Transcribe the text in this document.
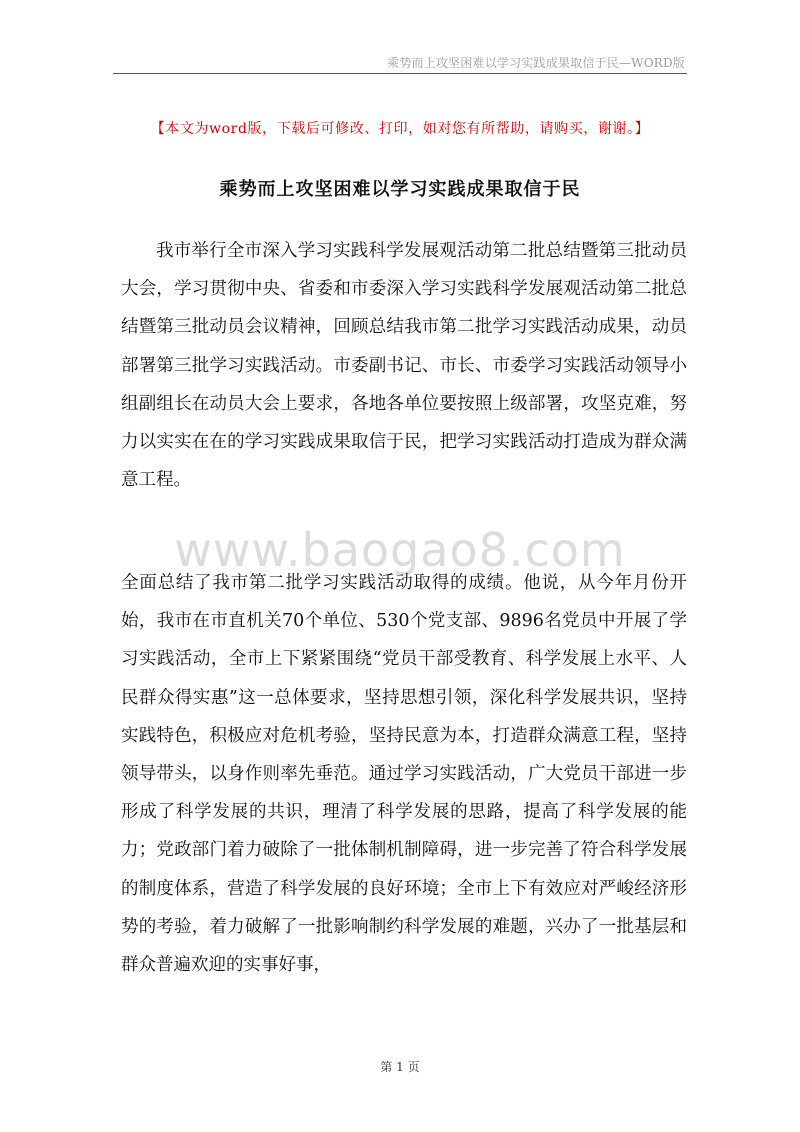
乘势而上攻坚困难以学习实践成果取信于民—WORD版
【本文为word版，下载后可修改、打印，如对您有所帮助，请购买，谢谢。】
乘势而上攻坚困难以学习实践成果取信于民

我市举行全市深入学习实践科学发展观活动第二批总结暨第三批动员大会，学习贯彻中央、省委和市委深入学习实践科学发展观活动第二批总结暨第三批动员会议精神，回顾总结我市第二批学习实践活动成果，动员部署第三批学习实践活动。市委副书记、市长、市委学习实践活动领导小组副组长在动员大会上要求，各地各单位要按照上级部署，攻坚克难，努力以实实在在的学习实践成果取信于民，把学习实践活动打造成为群众满意工程。

www.baogao8.com

全面总结了我市第二批学习实践活动取得的成绩。他说，从今年月份开始，我市在市直机关70个单位、530个党支部、9896名党员中开展了学习实践活动，全市上下紧紧围绕“党员干部受教育、科学发展上水平、人民群众得实惠”这一总体要求，坚持思想引领，深化科学发展共识，坚持实践特色，积极应对危机考验，坚持民意为本，打造群众满意工程，坚持领导带头，以身作则率先垂范。通过学习实践活动，广大党员干部进一步形成了科学发展的共识，理清了科学发展的思路，提高了科学发展的能力；党政部门着力破除了一批体制机制障碍，进一步完善了符合科学发展的制度体系，营造了科学发展的良好环境；全市上下有效应对严峻经济形势的考验，着力破解了一批影响制约科学发展的难题，兴办了一批基层和群众普遍欢迎的实事好事，

第 1 页
